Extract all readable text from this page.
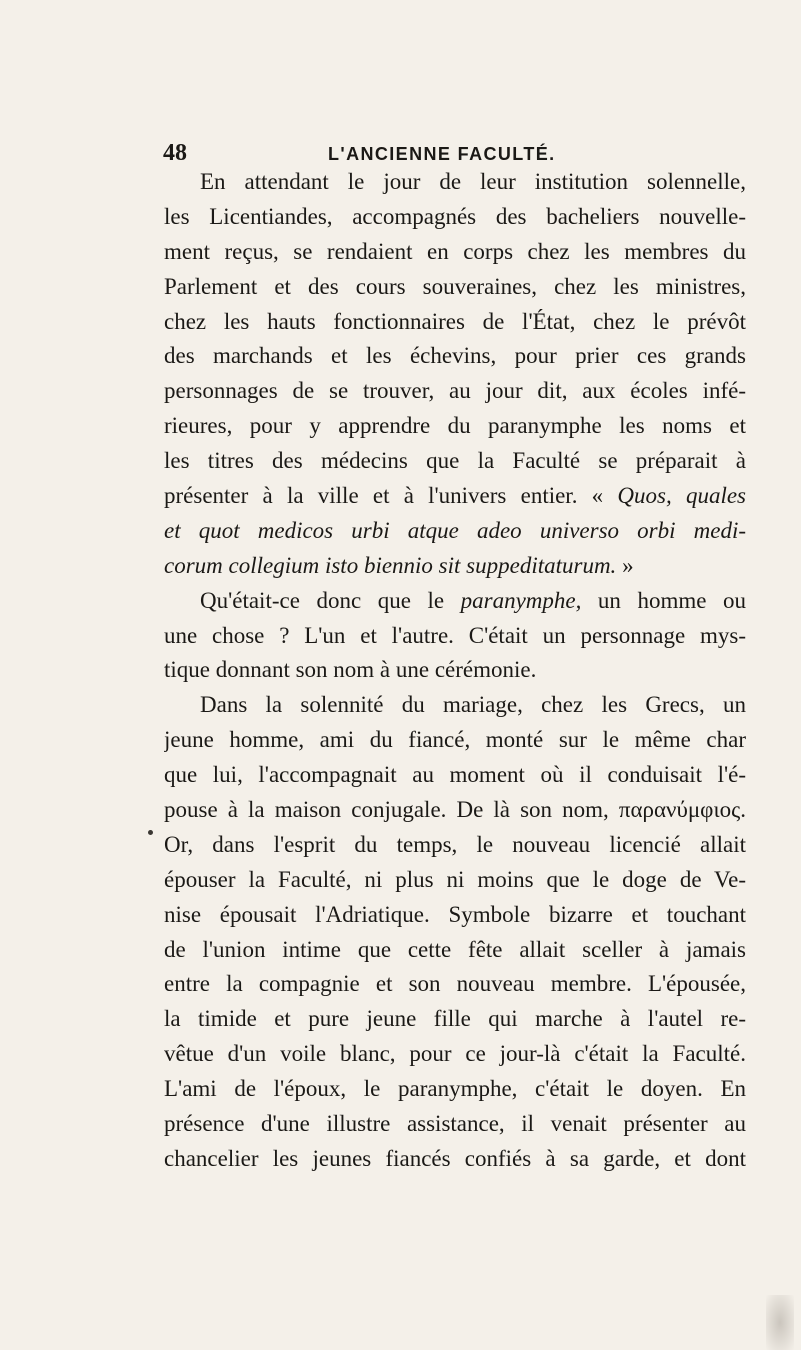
48	L'ANCIENNE FACULTÉ.
En attendant le jour de leur institution solennelle,
les Licentiandes, accompagnés des bacheliers nouvelle-
ment reçus, se rendaient en corps chez les membres du
Parlement et des cours souveraines, chez les ministres,
chez les hauts fonctionnaires de l'État, chez le prévôt
des marchands et les échevins, pour prier ces grands
personnages de se trouver, au jour dit, aux écoles infé-
rieures, pour y apprendre du paranymphe les noms et
les titres des médecins que la Faculté se préparait à
présenter à la ville et à l'univers entier. « Quos, quales
et quot medicos urbi atque adeo universo orbi medi-
corum collegium isto biennio sit suppeditaturum. »
Qu'était-ce donc que le paranymphe, un homme ou
une chose ? L'un et l'autre. C'était un personnage mys-
tique donnant son nom à une cérémonie.
Dans la solennité du mariage, chez les Grecs, un
jeune homme, ami du fiancé, monté sur le même char
que lui, l'accompagnait au moment où il conduisait l'é-
pouse à la maison conjugale. De là son nom, παρανύμφιος.
Or, dans l'esprit du temps, le nouveau licencié allait
épouser la Faculté, ni plus ni moins que le doge de Ve-
nise épousait l'Adriatique. Symbole bizarre et touchant
de l'union intime que cette fête allait sceller à jamais
entre la compagnie et son nouveau membre. L'épousée,
la timide et pure jeune fille qui marche à l'autel re-
vêtue d'un voile blanc, pour ce jour-là c'était la Faculté.
L'ami de l'époux, le paranymphe, c'était le doyen. En
présence d'une illustre assistance, il venait présenter au
chancelier les jeunes fiancés confiés à sa garde, et dont
